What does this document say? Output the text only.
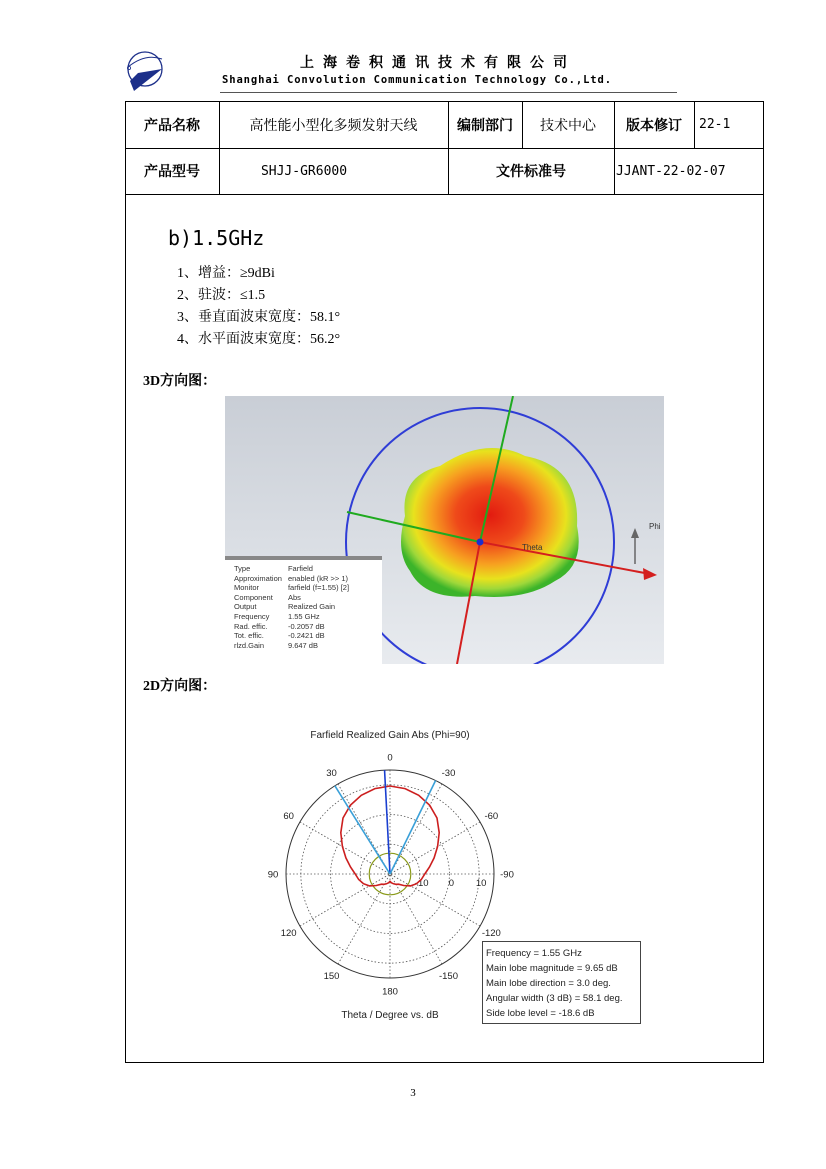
上海卷积通讯技术有限公司
Shanghai Convolution Communication Technology Co.,Ltd.
产品名称	高性能小型化多频发射天线	编制部门	技术中心	版本修订	22-1
产品型号	SHJJ-GR6000	文件标准号	JJANT-22-02-07
b)1.5GHz
1、增益：≥9dBi
2、驻波：≤1.5
3、垂直面波束宽度：58.1°
4、水平面波束宽度：56.2°
3D方向图：
Phi
Theta
Type	Farfield
Approximation	enabled (kR >> 1)
Monitor	farfield (f=1.55) [2]
Component	Abs
Output	Realized Gain
Frequency	1.55 GHz
Rad. effic.	-0.2057 dB
Tot. effic.	-0.2421 dB
rlzd.Gain	9.647 dB
2D方向图：
Farfield Realized Gain Abs (Phi=90)
Theta / Degree vs. dB
0
30	-30
60	-60
90	-90
120	-120
150	-150
180
-10 0 10
Frequency = 1.55 GHz
Main lobe magnitude = 9.65 dB
Main lobe direction = 3.0 deg.
Angular width (3 dB) = 58.1 deg.
Side lobe level = -18.6 dB
3
